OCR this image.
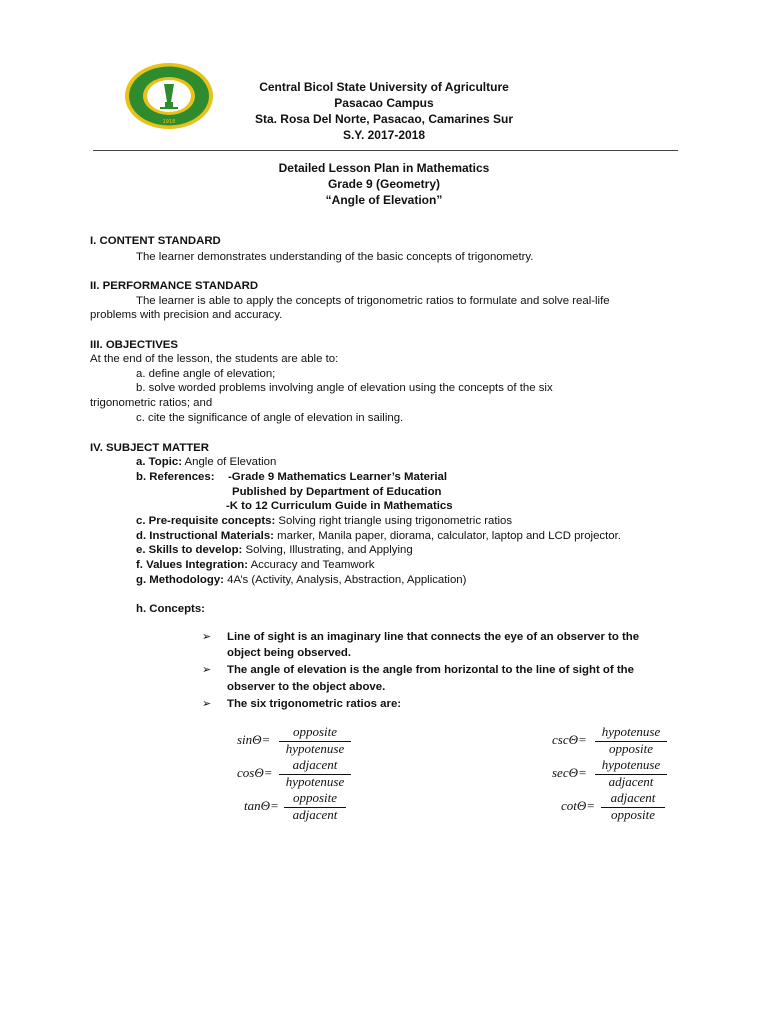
1918
Central Bicol State University of Agriculture
Pasacao Campus
Sta. Rosa Del Norte, Pasacao, Camarines Sur
S.Y. 2017-2018
Detailed Lesson Plan in Mathematics
Grade 9 (Geometry)
“Angle of Elevation”
I. CONTENT STANDARD
The learner demonstrates understanding of the basic concepts of trigonometry.
II. PERFORMANCE STANDARD
The learner is able to apply the concepts of trigonometric ratios to formulate and solve real-life
problems with precision and accuracy.
III. OBJECTIVES
At the end of the lesson, the students are able to:
a. define angle of elevation;
b. solve worded problems involving angle of elevation using the concepts of the six
trigonometric ratios; and
c. cite the significance of angle of elevation in sailing.
IV. SUBJECT MATTER
a. Topic: Angle of Elevation
b. References: -Grade 9 Mathematics Learner’s Material
Published by Department of Education
-K to 12 Curriculum Guide in Mathematics
c. Pre-requisite concepts: Solving right triangle using trigonometric ratios
d. Instructional Materials: marker, Manila paper, diorama, calculator, laptop and LCD projector.
e. Skills to develop: Solving, Illustrating, and Applying
f. Values Integration: Accuracy and Teamwork
g. Methodology: 4A’s (Activity, Analysis, Abstraction, Application)
h. Concepts:
➢ Line of sight is an imaginary line that connects the eye of an observer to the
object being observed.
➢ The angle of elevation is the angle from horizontal to the line of sight of the
observer to the object above.
➢ The six trigonometric ratios are:
sinΘ=
opposite
hypotenuse
cosΘ=
adjacent
hypotenuse
tanΘ=
opposite
adjacent
cscΘ=
hypotenuse
opposite
secΘ=
hypotenuse
adjacent
cotΘ=
adjacent
opposite
